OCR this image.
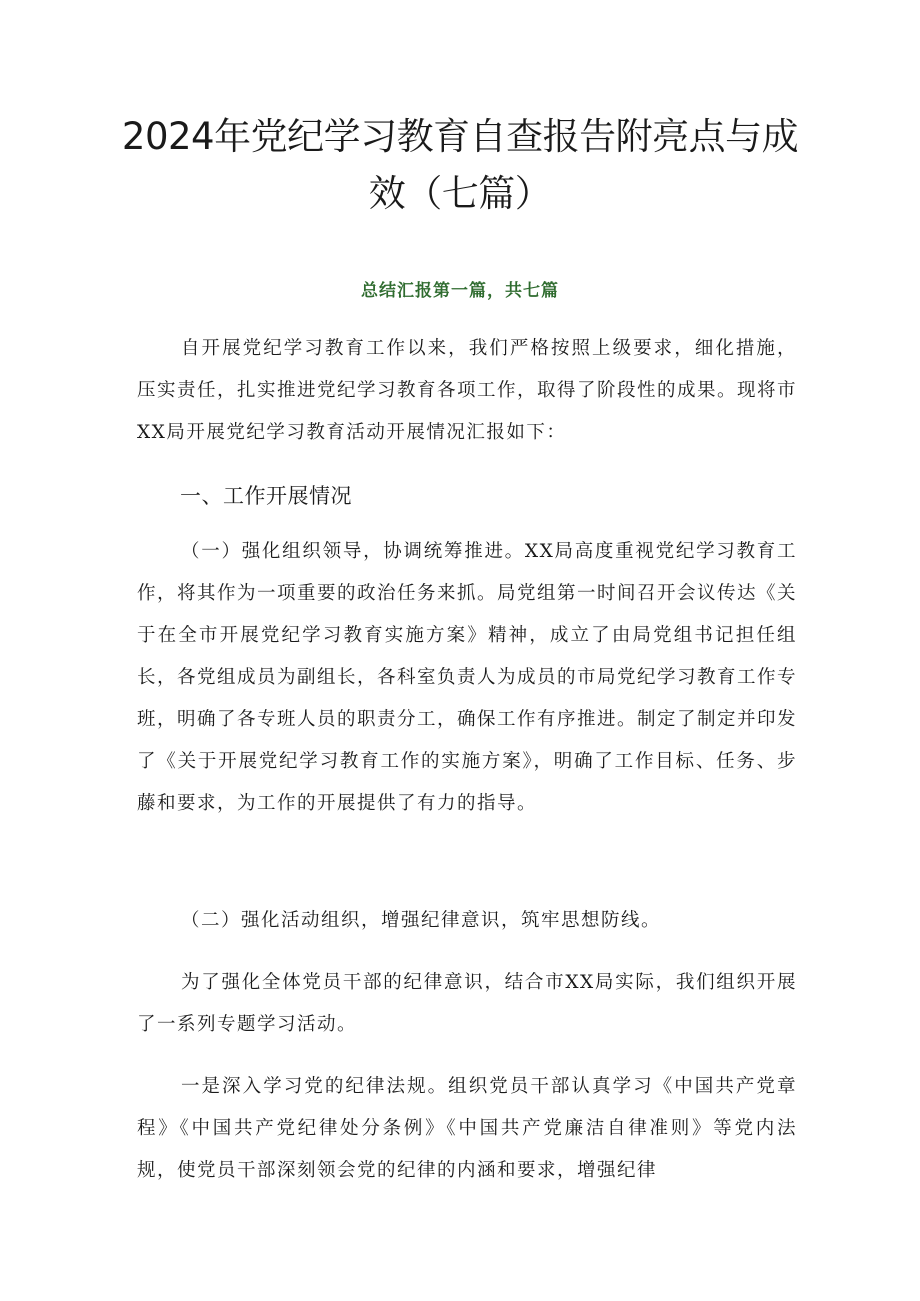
2024年党纪学习教育自查报告附亮点与成效（七篇）
总结汇报第一篇，共七篇

自开展党纪学习教育工作以来，我们严格按照上级要求，细化措施，压实责任，扎实推进党纪学习教育各项工作，取得了阶段性的成果。现将市XX局开展党纪学习教育活动开展情况汇报如下：

一、工作开展情况

（一）强化组织领导，协调统筹推进。XX局高度重视党纪学习教育工作，将其作为一项重要的政治任务来抓。局党组第一时间召开会议传达《关于在全市开展党纪学习教育实施方案》精神，成立了由局党组书记担任组长，各党组成员为副组长，各科室负责人为成员的市局党纪学习教育工作专班，明确了各专班人员的职责分工，确保工作有序推进。制定了制定并印发了《关于开展党纪学习教育工作的实施方案》，明确了工作目标、任务、步藤和要求，为工作的开展提供了有力的指导。

（二）强化活动组织，增强纪律意识，筑牢思想防线。

为了强化全体党员干部的纪律意识，结合市XX局实际，我们组织开展了一系列专题学习活动。

一是深入学习党的纪律法规。组织党员干部认真学习《中国共产党章程》《中国共产党纪律处分条例》《中国共产党廉洁自律准则》等党内法规，使党员干部深刻领会党的纪律的内涵和要求，增强纪律
